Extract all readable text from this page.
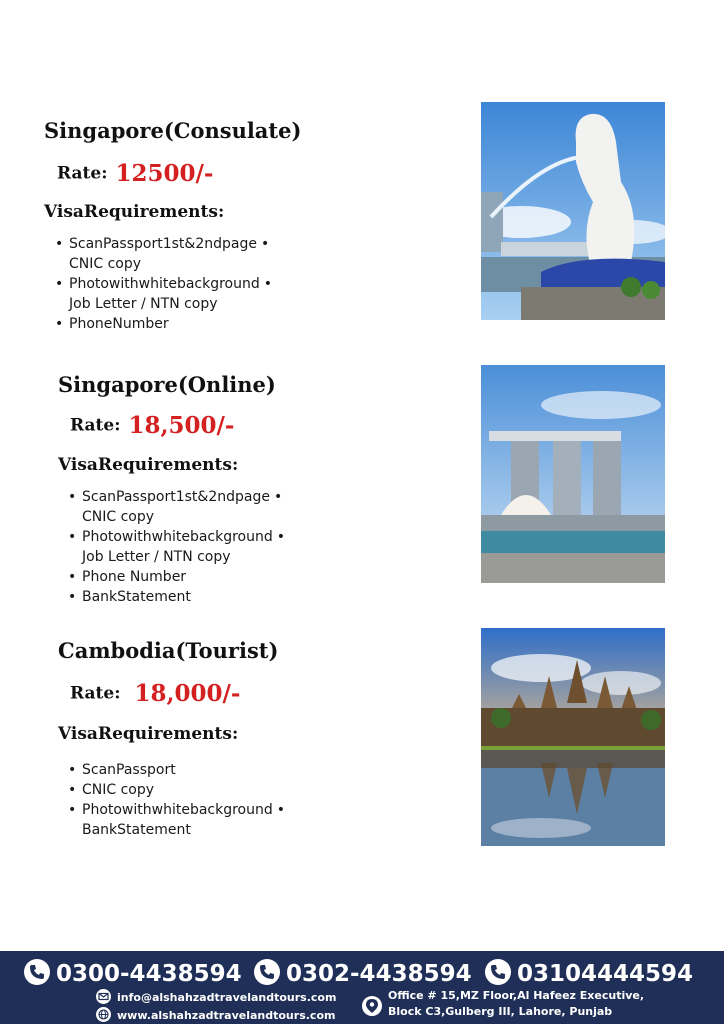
Singapore(Consulate)
Rate: 12500/-
VisaRequirements:
• ScanPassport1st&2ndpage •
CNIC copy
• Photowithwhitebackground •
Job Letter / NTN copy
• PhoneNumber
Singapore(Online)
Rate: 18,500/-
VisaRequirements:
• ScanPassport1st&2ndpage •
CNIC copy
• Photowithwhitebackground •
Job Letter / NTN copy
• Phone Number
• BankStatement
Cambodia(Tourist)
Rate: 18,000/-
VisaRequirements:
• ScanPassport
• CNIC copy
• Photowithwhitebackground •
BankStatement
0300-4438594	0302-4438594	03104444594
info@alshahzadtravelandtours.com
www.alshahzadtravelandtours.com
Office # 15,MZ Floor,Al Hafeez Executive,
Block C3,Gulberg III, Lahore, Punjab
